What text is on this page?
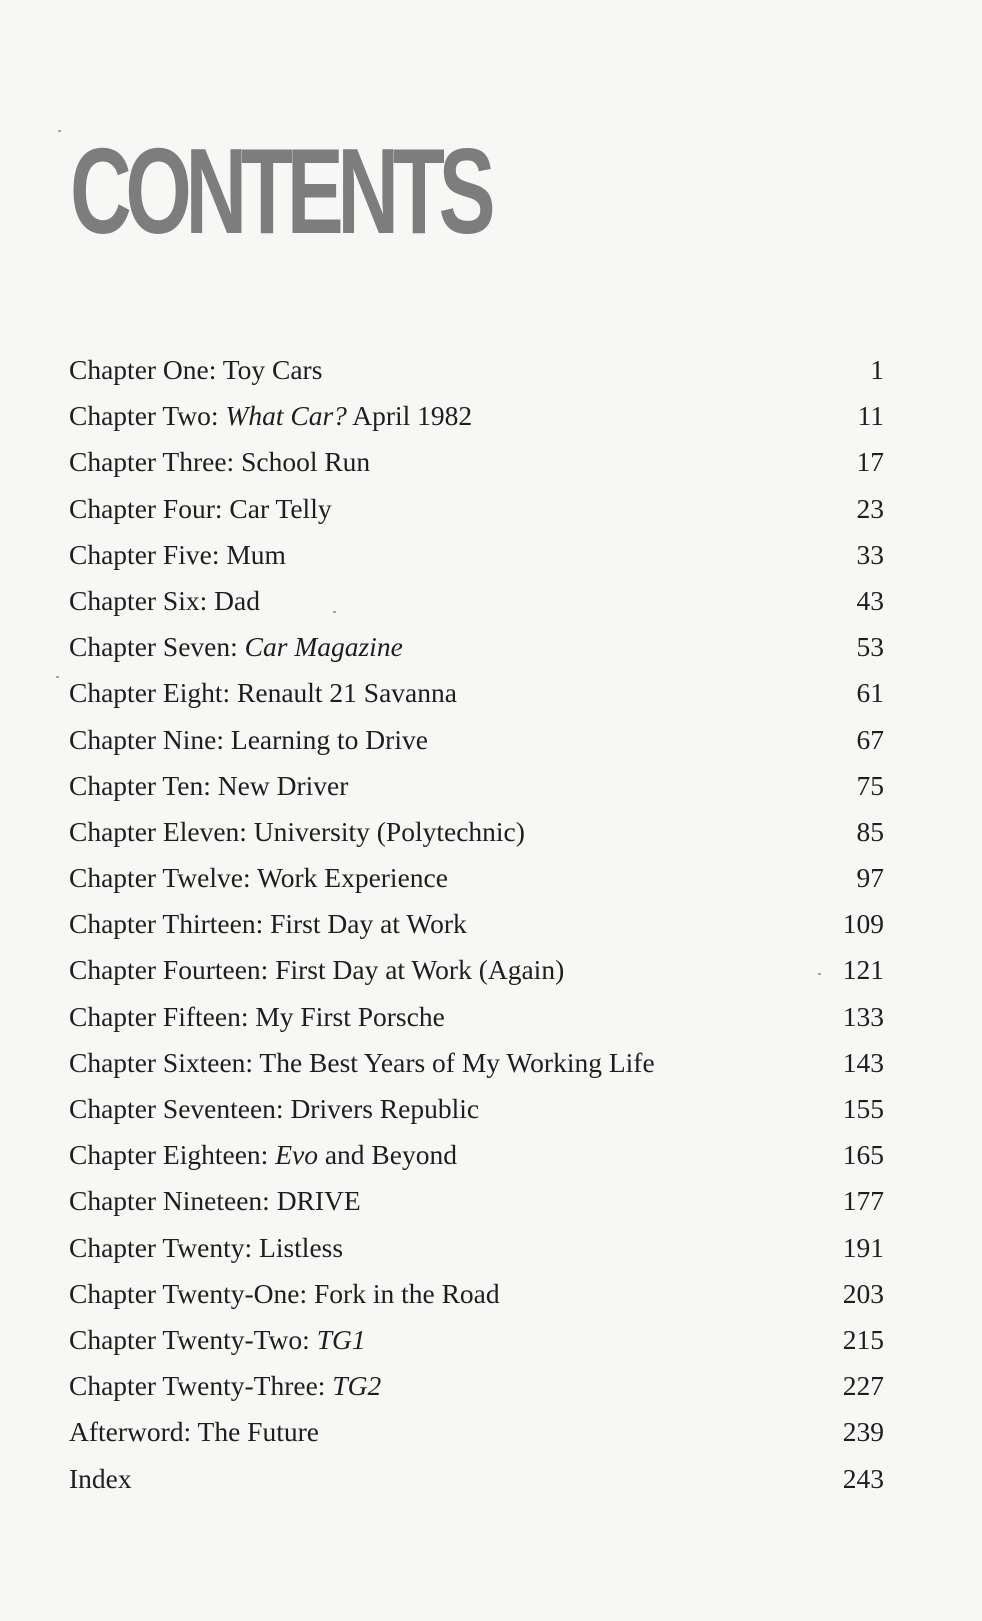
CONTENTS
Chapter One: Toy Cars	1
Chapter Two: What Car? April 1982	11
Chapter Three: School Run	17
Chapter Four: Car Telly	23
Chapter Five: Mum	33
Chapter Six: Dad	43
Chapter Seven: Car Magazine	53
Chapter Eight: Renault 21 Savanna	61
Chapter Nine: Learning to Drive	67
Chapter Ten: New Driver	75
Chapter Eleven: University (Polytechnic)	85
Chapter Twelve: Work Experience	97
Chapter Thirteen: First Day at Work	109
Chapter Fourteen: First Day at Work (Again)	121
Chapter Fifteen: My First Porsche	133
Chapter Sixteen: The Best Years of My Working Life	143
Chapter Seventeen: Drivers Republic	155
Chapter Eighteen: Evo and Beyond	165
Chapter Nineteen: DRIVE	177
Chapter Twenty: Listless	191
Chapter Twenty-One: Fork in the Road	203
Chapter Twenty-Two: TG1	215
Chapter Twenty-Three: TG2	227
Afterword: The Future	239
Index	243
